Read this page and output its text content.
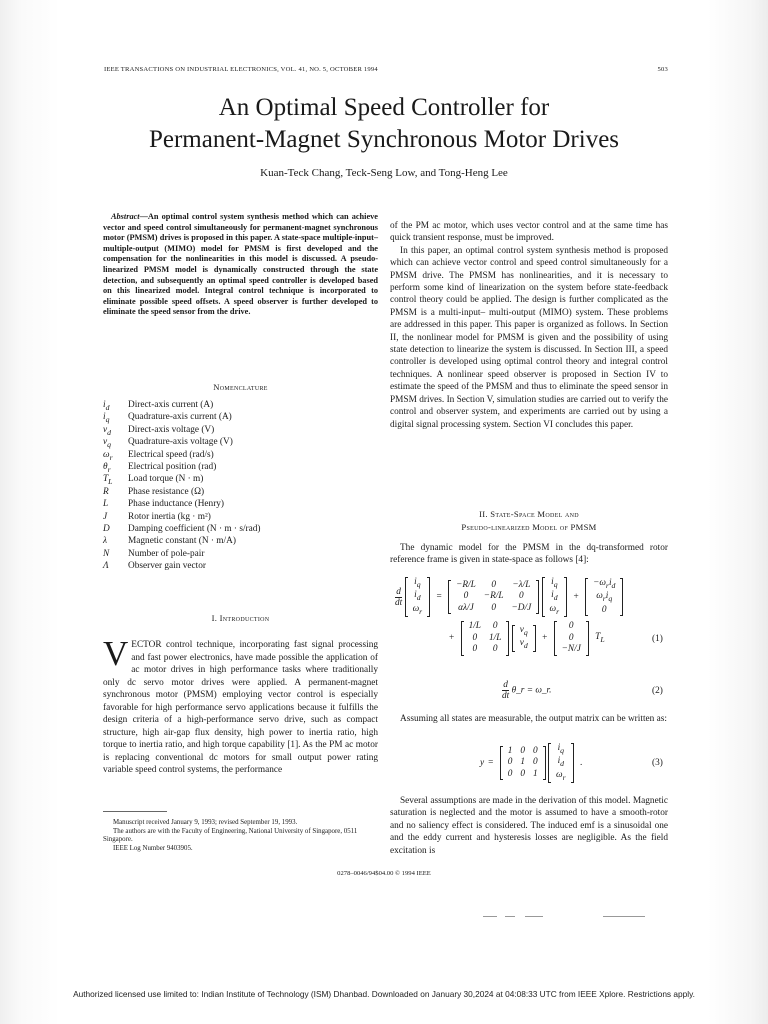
IEEE TRANSACTIONS ON INDUSTRIAL ELECTRONICS, VOL. 41, NO. 5, OCTOBER 1994	503
An Optimal Speed Controller for
Permanent-Magnet Synchronous Motor Drives
Kuan-Teck Chang, Teck-Seng Low, and Tong-Heng Lee
Abstract—An optimal control system synthesis method which can achieve vector and speed control simultaneously for permanent-magnet synchronous motor (PMSM) drives is proposed in this paper. A state-space multiple-input–multiple-output (MIMO) model for PMSM is first developed and the compensation for the nonlinearities in this model is discussed. A pseudo-linearized PMSM model is dynamically constructed through the state detection, and subsequently an optimal speed controller is developed based on this linearized model. Integral control technique is incorporated to eliminate possible speed offsets. A speed observer is further developed to eliminate the speed sensor from the drive.
Nomenclature
$i_d$	Direct-axis current (A)
$i_q$	Quadrature-axis current (A)
$v_d$	Direct-axis voltage (V)
$v_q$	Quadrature-axis voltage (V)
$\omega_r$	Electrical speed (rad/s)
$\theta_r$	Electrical position (rad)
$T_L$	Load torque (N · m)
R	Phase resistance (Ω)
L	Phase inductance (Henry)
J	Rotor inertia (kg · m²)
D	Damping coefficient (N · m · s/rad)
λ	Magnetic constant (N · m/A)
N	Number of pole-pair
Λ	Observer gain vector
I. Introduction
VECTOR control technique, incorporating fast signal processing and fast power electronics, have made possible the application of ac motor drives in high performance tasks where traditionally only dc servo motor drives were applied. A permanent-magnet synchronous motor (PMSM) employing vector control is especially favorable for high performance servo applications because it fulfills the design criteria of a high-performance servo drive, such as compact structure, high air-gap flux density, high power to inertia ratio, high torque to inertia ratio, and high torque capability [1]. As the PM ac motor is replacing conventional dc motors for small output power rating variable speed control systems, the performance

Manuscript received January 9, 1993; revised September 19, 1993.

The authors are with the Faculty of Engineering, National University of Singapore, 0511 Singapore.

IEEE Log Number 9403905.

of the PM ac motor, which uses vector control and at the same time has quick transient response, must be improved.

In this paper, an optimal control system synthesis method is proposed which can achieve vector control and speed control simultaneously for a PMSM drive. The PMSM has nonlinearities, and it is necessary to perform some kind of linearization on the system before state-feedback control theory could be applied. The design is further complicated as the PMSM is a multi-input– multi-output (MIMO) system. These problems are addressed in this paper. This paper is organized as follows. In Section II, the nonlinear model for PMSM is given and the possibility of using state detection to linearize the system is discussed. In Section III, a speed controller is developed using optimal control theory and integral control techniques. A nonlinear speed observer is proposed in Section IV to estimate the speed of the PMSM and thus to eliminate the speed sensor in PMSM drives. In Section V, simulation studies are carried out to verify the control and observer system, and experiments are carried out by using a digital signal processing system. Section VI concludes this paper.

II. State-Space Model and
Pseudo-linearized Model of PMSM

The dynamic model for the PMSM in the dq-transformed rotor reference frame is given in state-space as follows [4]:

$\frac{d}{dt}$

$i_q$
$i_d$
$\omega_r$
=
−R/L	0	−λ/L
0	−R/L	0
αλ/J	0	−D/J

$i_q$
$i_d$
$\omega_r$
+
$-\omega_ri_d$
$\omega_ri_q$
0
+
1/L	0
0	1/L
0	0

$v_q$
$v_d$
+
0
0
−N/J
$T_L$	(1)
$\frac{d}{dt}$ θ_r = ω_r.	(2)

Assuming all states are measurable, the output matrix can be written as:

y =
1	0	0
0	1	0
0	0	1

$i_q$
$i_d$
$\omega_r$
.	(3)

Several assumptions are made in the derivation of this model. Magnetic saturation is neglected and the motor is assumed to have a smooth-rotor and no saliency effect is considered. The induced emf is a sinusoidal one and the eddy current and hysteresis losses are negligible. As the field excitation is

0278–0046/94$04.00 © 1994 IEEE
Authorized licensed use limited to: Indian Institute of Technology (ISM) Dhanbad. Downloaded on January 30,2024 at 04:08:33 UTC from IEEE Xplore. Restrictions apply.
